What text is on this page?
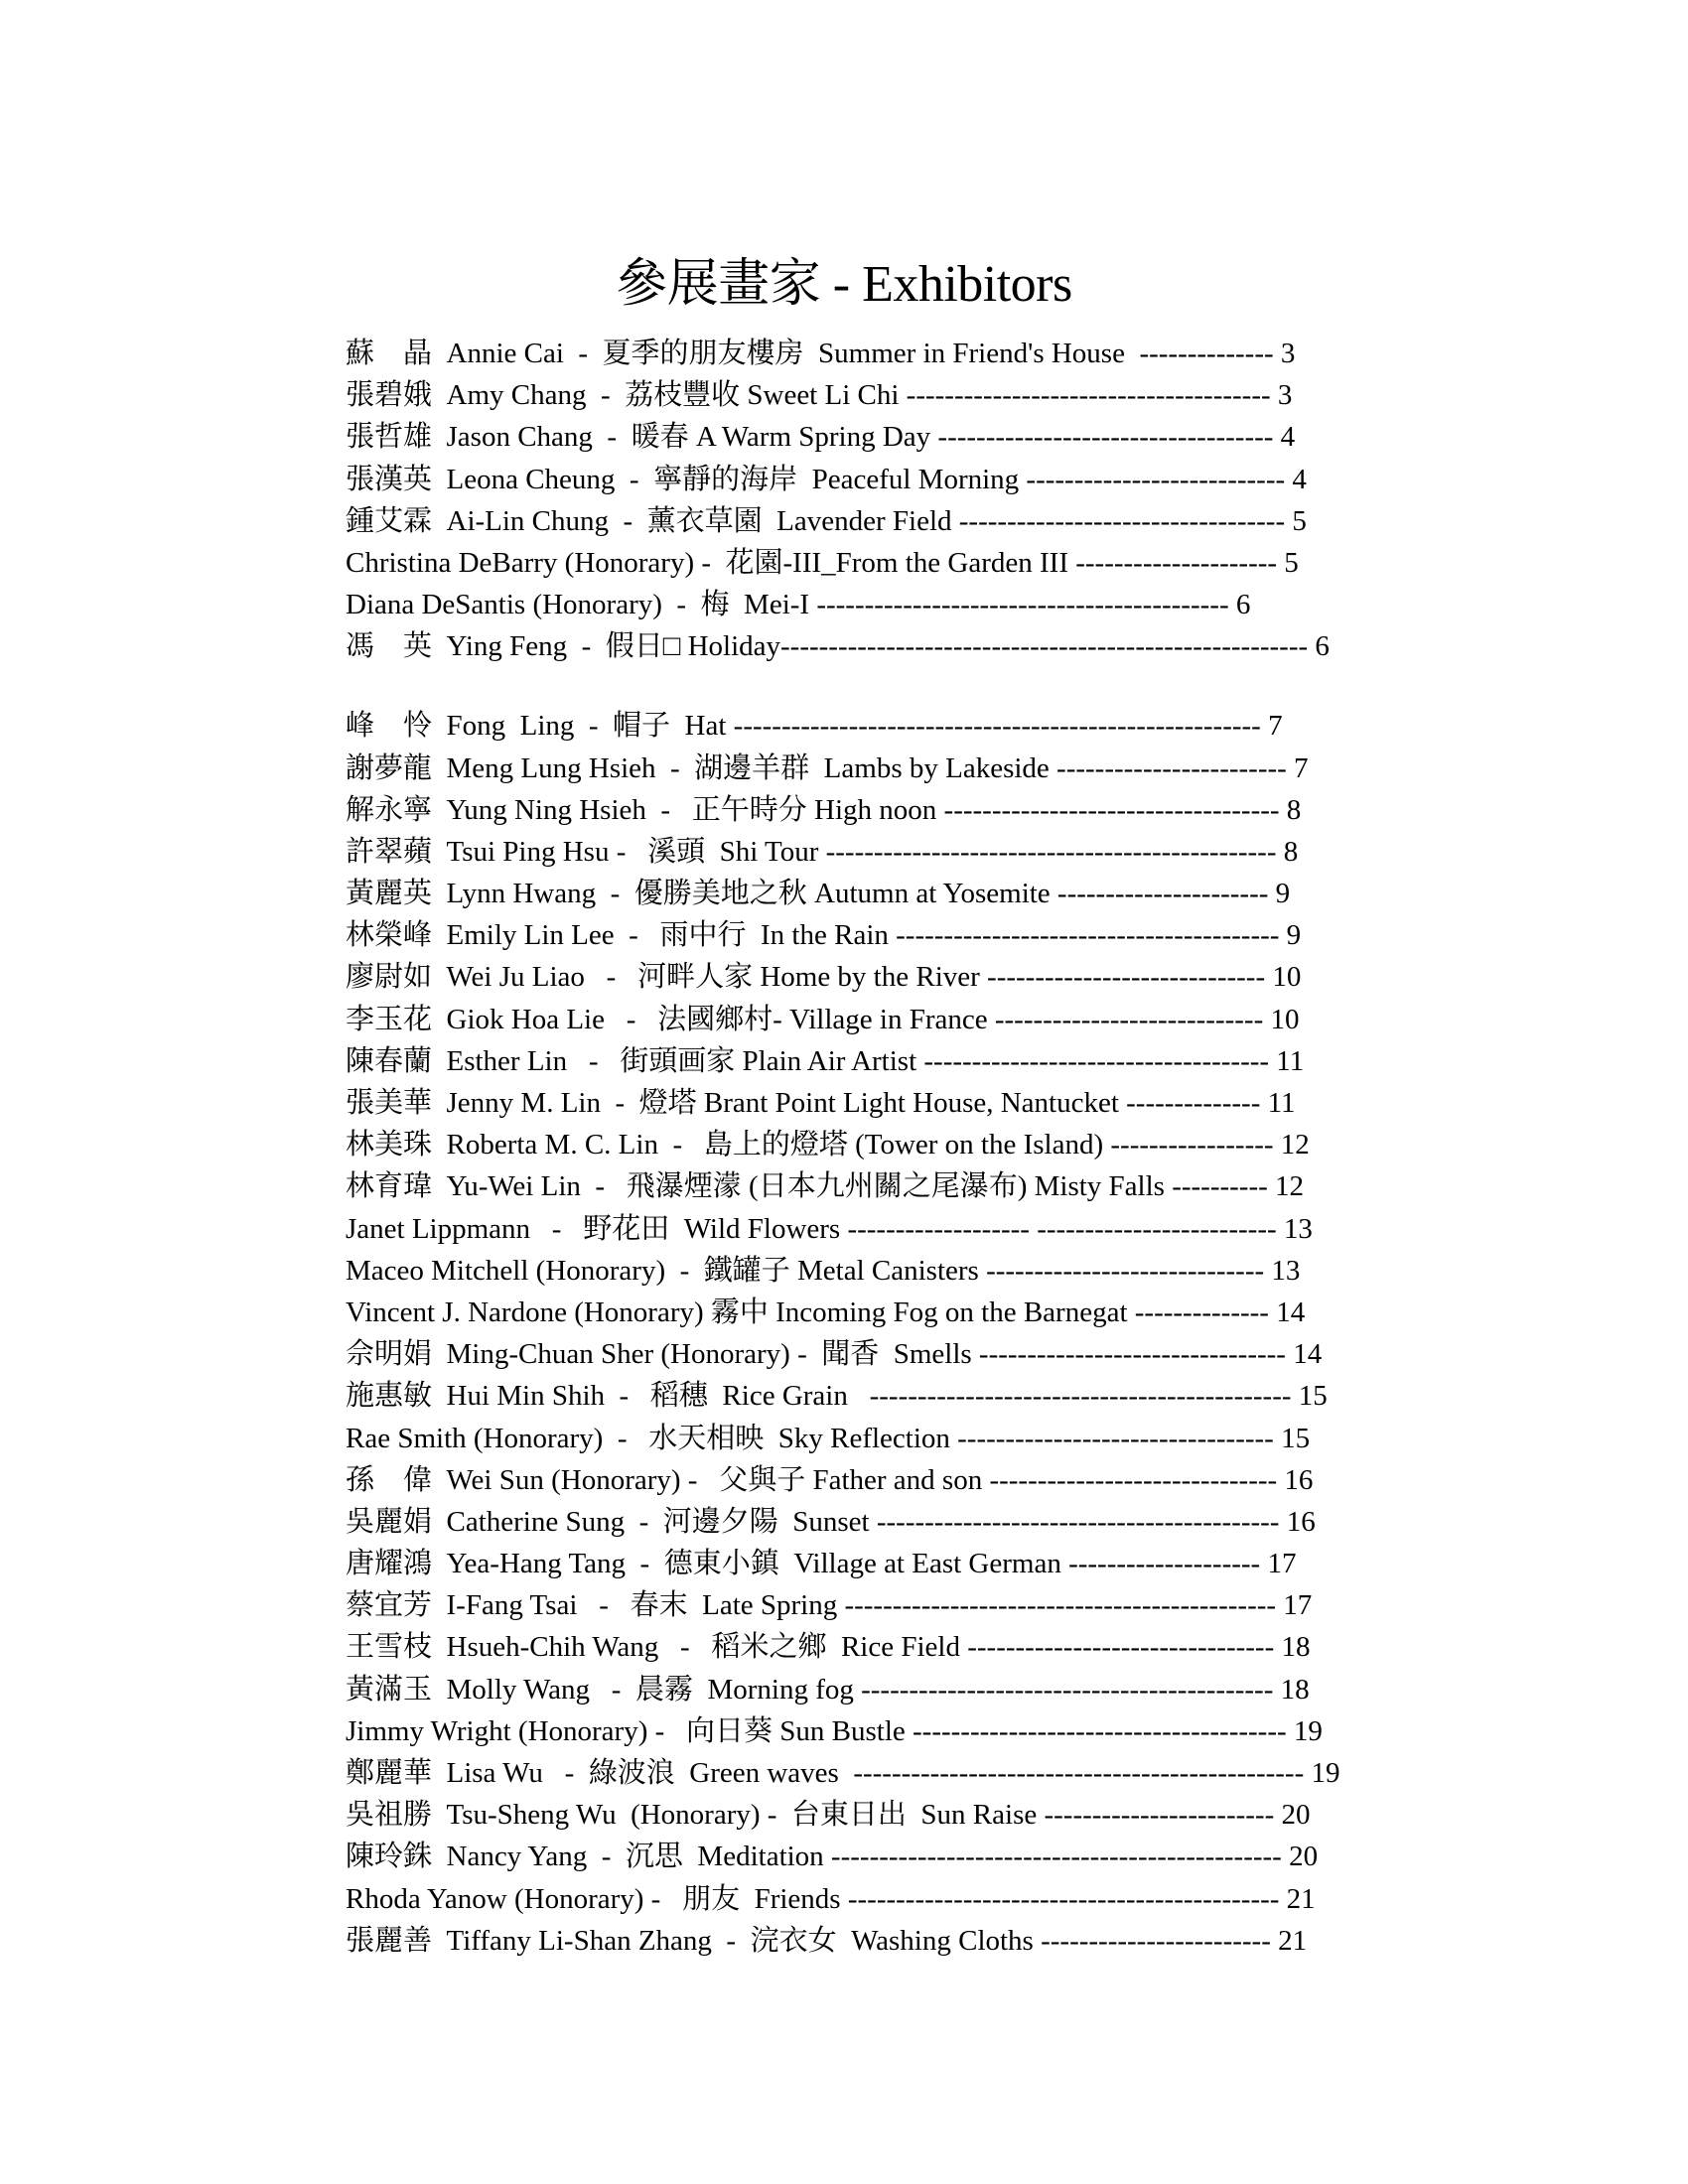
參展畫家 - Exhibitors
蘇　晶  Annie Cai  -  夏季的朋友樓房  Summer in Friend's House  -------------- 3
張碧娥  Amy Chang  -  荔枝豐收 Sweet Li Chi -------------------------------------- 3
張哲雄  Jason Chang  -  暖春 A Warm Spring Day ----------------------------------- 4
張漢英  Leona Cheung  -  寧靜的海岸  Peaceful Morning --------------------------- 4
鍾艾霖  Ai-Lin Chung  -  薰衣草園  Lavender Field ---------------------------------- 5
Christina DeBarry (Honorary) -  花園-III_From the Garden III --------------------- 5
Diana DeSantis (Honorary)  -  梅  Mei-I ------------------------------------------- 6
馮　英  Ying Feng  -  假日□ Holiday------------------------------------------------------- 6
峰　怜  Fong  Ling  -  帽子  Hat ------------------------------------------------------- 7
謝夢龍  Meng Lung Hsieh  -  湖邊羊群  Lambs by Lakeside ------------------------ 7
解永寧  Yung Ning Hsieh  -   正午時分 High noon ----------------------------------- 8
許翠蘋  Tsui Ping Hsu -   溪頭  Shi Tour ----------------------------------------------- 8
黃麗英  Lynn Hwang  -  優勝美地之秋 Autumn at Yosemite ---------------------- 9
林榮峰  Emily Lin Lee  -   雨中行  In the Rain ---------------------------------------- 9
廖尉如  Wei Ju Liao   -   河畔人家 Home by the River ----------------------------- 10
李玉花  Giok Hoa Lie   -   法國鄉村- Village in France ---------------------------- 10
陳春蘭  Esther Lin   -   街頭画家 Plain Air Artist ------------------------------------ 11
張美華  Jenny M. Lin  -  燈塔 Brant Point Light House, Nantucket -------------- 11
林美珠  Roberta M. C. Lin  -   島上的燈塔 (Tower on the Island) ----------------- 12
林育瑋  Yu-Wei Lin  -   飛瀑煙濛 (日本九州關之尾瀑布) Misty Falls ---------- 12
Janet Lippmann   -   野花田  Wild Flowers ------------------- ------------------------- 13
Maceo Mitchell (Honorary)  -  鐵罐子 Metal Canisters ----------------------------- 13
Vincent J. Nardone (Honorary) 霧中 Incoming Fog on the Barnegat -------------- 14
佘明娟  Ming-Chuan Sher (Honorary) -  聞香  Smells -------------------------------- 14
施惠敏  Hui Min Shih  -   稻穗  Rice Grain   -------------------------------------------- 15
Rae Smith (Honorary)  -   水天相映  Sky Reflection --------------------------------- 15
孫　偉  Wei Sun (Honorary) -   父與子 Father and son ------------------------------ 16
吳麗娟  Catherine Sung  -  河邊夕陽  Sunset ------------------------------------------ 16
唐耀鴻  Yea-Hang Tang  -  德東小鎮  Village at East German -------------------- 17
蔡宜芳  I-Fang Tsai   -   春末  Late Spring --------------------------------------------- 17
王雪枝  Hsueh-Chih Wang   -   稻米之鄉  Rice Field -------------------------------- 18
黃滿玉  Molly Wang   -  晨霧  Morning fog ------------------------------------------- 18
Jimmy Wright (Honorary) -   向日葵 Sun Bustle --------------------------------------- 19
鄭麗華  Lisa Wu   -  綠波浪  Green waves  ----------------------------------------------- 19
吳祖勝  Tsu-Sheng Wu  (Honorary) -  台東日出  Sun Raise ------------------------ 20
陳玲銖  Nancy Yang  -  沉思  Meditation ----------------------------------------------- 20
Rhoda Yanow (Honorary) -   朋友  Friends --------------------------------------------- 21
張麗善  Tiffany Li-Shan Zhang  -  浣衣女  Washing Cloths ------------------------ 21
